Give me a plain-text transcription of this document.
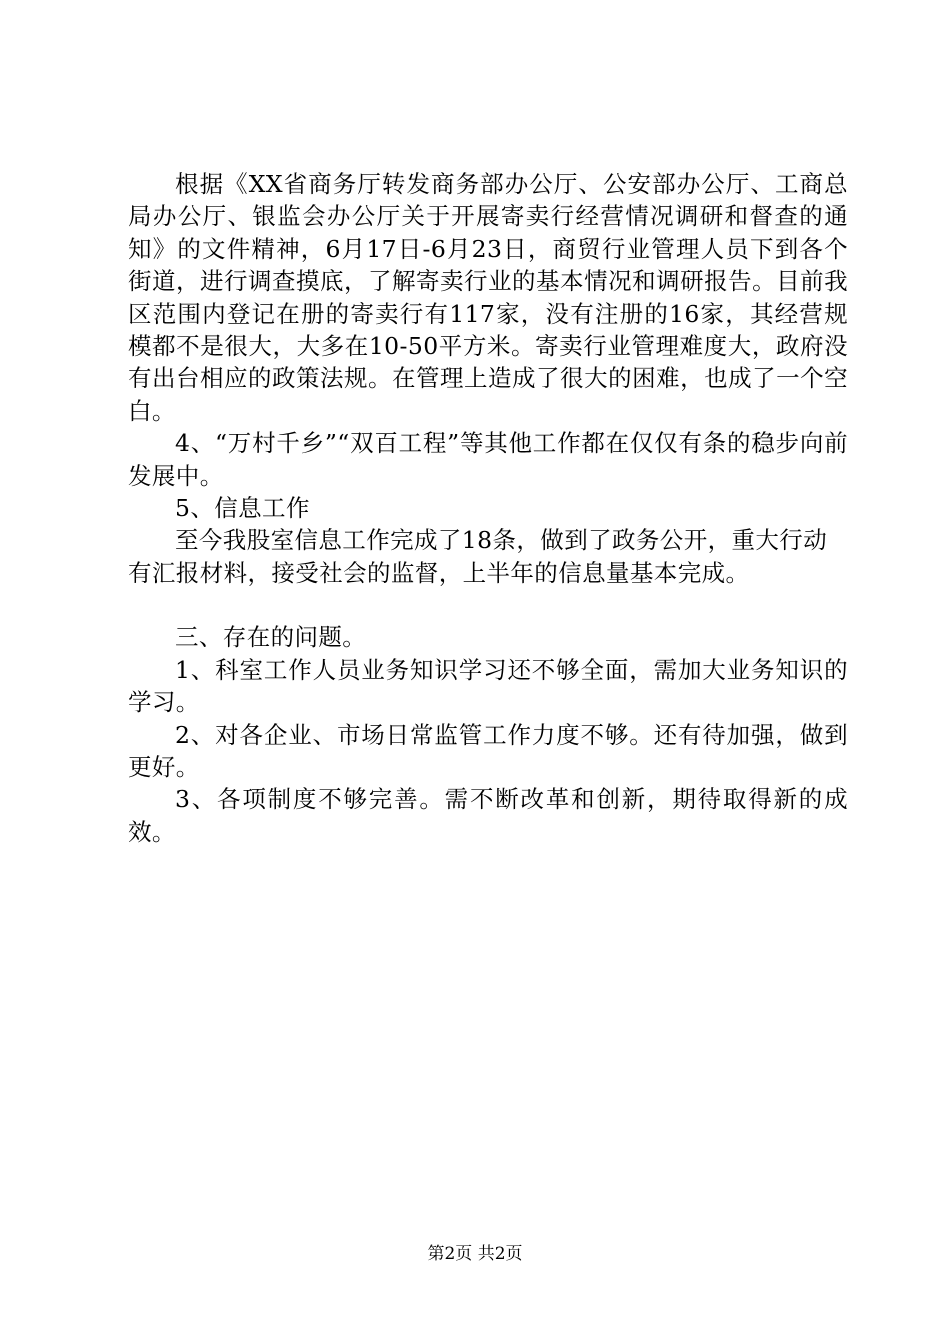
根据《XX省商务厅转发商务部办公厅、公安部办公厅、工商总局办公厅、银监会办公厅关于开展寄卖行经营情况调研和督查的通知》的文件精神，6月17日-6月23日，商贸行业管理人员下到各个街道，进行调查摸底，了解寄卖行业的基本情况和调研报告。目前我区范围内登记在册的寄卖行有117家，没有注册的16家，其经营规模都不是很大，大多在10-50平方米。寄卖行业管理难度大，政府没有出台相应的政策法规。在管理上造成了很大的困难，也成了一个空白。

4、“万村千乡”“双百工程”等其他工作都在仅仅有条的稳步向前发展中。

5、信息工作

至今我股室信息工作完成了18条，做到了政务公开，重大行动有汇报材料，接受社会的监督，上半年的信息量基本完成。

三、存在的问题。

1、科室工作人员业务知识学习还不够全面，需加大业务知识的学习。

2、对各企业、市场日常监管工作力度不够。还有待加强，做到更好。

3、各项制度不够完善。需不断改革和创新，期待取得新的成效。

第2页 共2页
